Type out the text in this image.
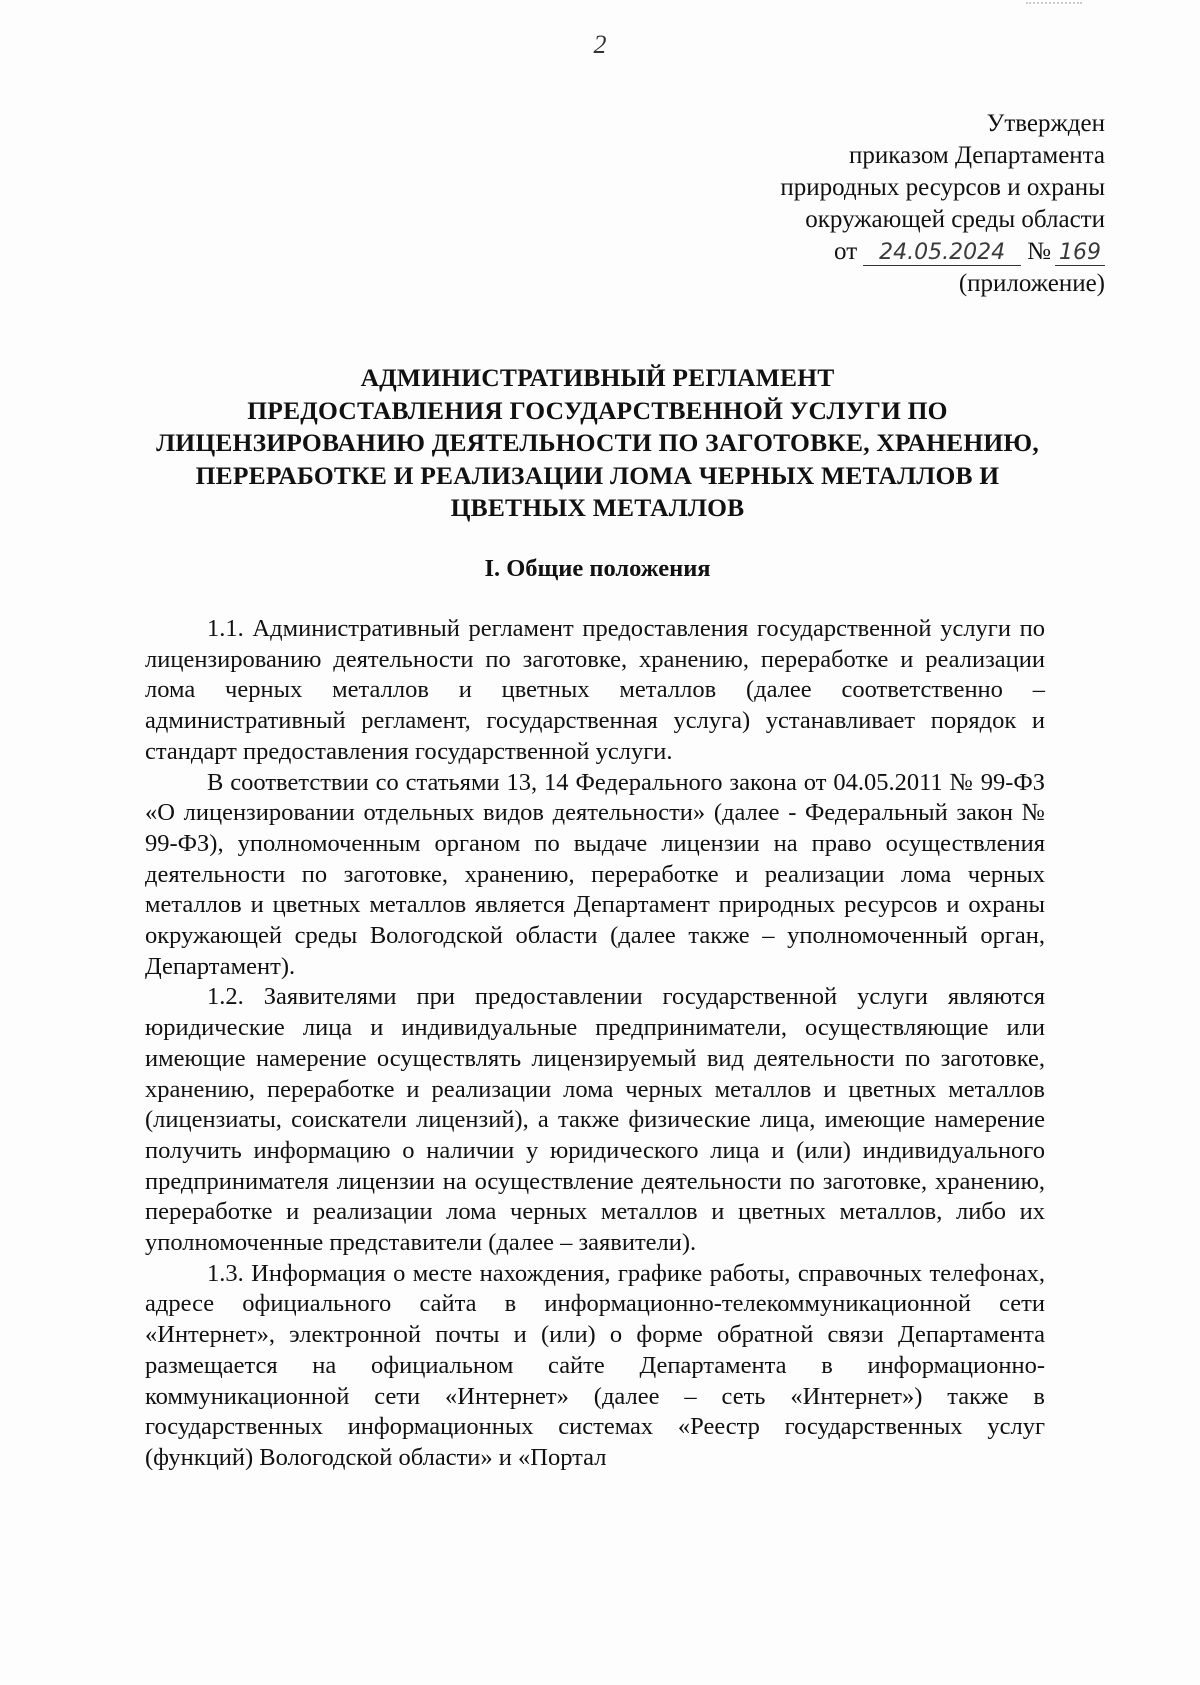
2
Утвержден
приказом Департамента
природных ресурсов и охраны
окружающей среды области
от	24.05.2024 № 169
(приложение)
АДМИНИСТРАТИВНЫЙ РЕГЛАМЕНТ
ПРЕДОСТАВЛЕНИЯ ГОСУДАРСТВЕННОЙ УСЛУГИ ПО
ЛИЦЕНЗИРОВАНИЮ ДЕЯТЕЛЬНОСТИ ПО ЗАГОТОВКЕ, ХРАНЕНИЮ,
ПЕРЕРАБОТКЕ И РЕАЛИЗАЦИИ ЛОМА ЧЕРНЫХ МЕТАЛЛОВ И
ЦВЕТНЫХ МЕТАЛЛОВ
I. Общие положения

1.1. Административный регламент предоставления государственной услуги по лицензированию деятельности по заготовке, хранению, переработке и реализации лома черных металлов и цветных металлов (далее соответственно – административный регламент, государственная услуга) устанавливает порядок и стандарт предоставления государственной услуги.

В соответствии со статьями 13, 14 Федерального закона от 04.05.2011 № 99-ФЗ «О лицензировании отдельных видов деятельности» (далее - Федеральный закон № 99-ФЗ), уполномоченным органом по выдаче лицензии на право осуществления деятельности по заготовке, хранению, переработке и реализации лома черных металлов и цветных металлов является Департамент природных ресурсов и охраны окружающей среды Вологодской области (далее также – уполномоченный орган, Департамент).

1.2. Заявителями при предоставлении государственной услуги являются юридические лица и индивидуальные предприниматели, осуществляющие или имеющие намерение осуществлять лицензируемый вид деятельности по заготовке, хранению, переработке и реализации лома черных металлов и цветных металлов (лицензиаты, соискатели лицензий), а также физические лица, имеющие намерение получить информацию о наличии у юридического лица и (или) индивидуального предпринимателя лицензии на осуществление деятельности по заготовке, хранению, переработке и реализации лома черных металлов и цветных металлов, либо их уполномоченные представители (далее – заявители).

1.3. Информация о месте нахождения, графике работы, справочных телефонах, адресе официального сайта в информационно-телекоммуникационной сети «Интернет», электронной почты и (или) о форме обратной связи Департамента размещается на официальном сайте Департамента в информационно-коммуникационной сети «Интернет» (далее – сеть «Интернет») также в государственных информационных системах «Реестр государственных услуг (функций) Вологодской области» и «Портал
